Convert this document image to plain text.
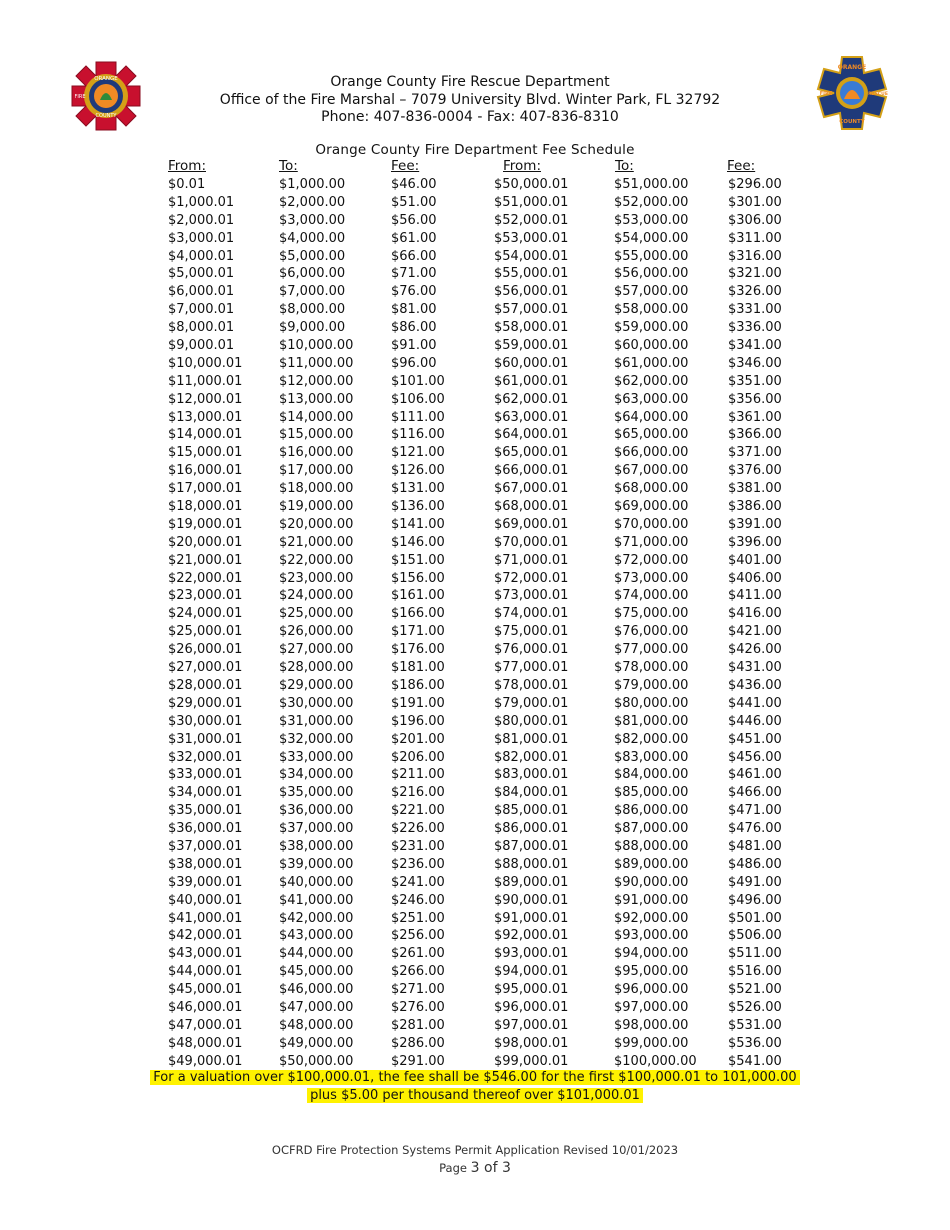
ORANGE
COUNTY
FIRE
ORANGE
COUNTY
FIRE	RESCUE
Orange County Fire Rescue Department
Office of the Fire Marshal – 7079 University Blvd. Winter Park, FL 32792
Phone: 407-836-0004 - Fax: 407-836-8310
Orange County Fire Department Fee Schedule
From:	To:	Fee:	From:	To:	Fee:
$0.01	$1,000.00	$46.00	$50,000.01	$51,000.00	$296.00
$1,000.01	$2,000.00	$51.00	$51,000.01	$52,000.00	$301.00
$2,000.01	$3,000.00	$56.00	$52,000.01	$53,000.00	$306.00
$3,000.01	$4,000.00	$61.00	$53,000.01	$54,000.00	$311.00
$4,000.01	$5,000.00	$66.00	$54,000.01	$55,000.00	$316.00
$5,000.01	$6,000.00	$71.00	$55,000.01	$56,000.00	$321.00
$6,000.01	$7,000.00	$76.00	$56,000.01	$57,000.00	$326.00
$7,000.01	$8,000.00	$81.00	$57,000.01	$58,000.00	$331.00
$8,000.01	$9,000.00	$86.00	$58,000.01	$59,000.00	$336.00
$9,000.01	$10,000.00	$91.00	$59,000.01	$60,000.00	$341.00
$10,000.01	$11,000.00	$96.00	$60,000.01	$61,000.00	$346.00
$11,000.01	$12,000.00	$101.00	$61,000.01	$62,000.00	$351.00
$12,000.01	$13,000.00	$106.00	$62,000.01	$63,000.00	$356.00
$13,000.01	$14,000.00	$111.00	$63,000.01	$64,000.00	$361.00
$14,000.01	$15,000.00	$116.00	$64,000.01	$65,000.00	$366.00
$15,000.01	$16,000.00	$121.00	$65,000.01	$66,000.00	$371.00
$16,000.01	$17,000.00	$126.00	$66,000.01	$67,000.00	$376.00
$17,000.01	$18,000.00	$131.00	$67,000.01	$68,000.00	$381.00
$18,000.01	$19,000.00	$136.00	$68,000.01	$69,000.00	$386.00
$19,000.01	$20,000.00	$141.00	$69,000.01	$70,000.00	$391.00
$20,000.01	$21,000.00	$146.00	$70,000.01	$71,000.00	$396.00
$21,000.01	$22,000.00	$151.00	$71,000.01	$72,000.00	$401.00
$22,000.01	$23,000.00	$156.00	$72,000.01	$73,000.00	$406.00
$23,000.01	$24,000.00	$161.00	$73,000.01	$74,000.00	$411.00
$24,000.01	$25,000.00	$166.00	$74,000.01	$75,000.00	$416.00
$25,000.01	$26,000.00	$171.00	$75,000.01	$76,000.00	$421.00
$26,000.01	$27,000.00	$176.00	$76,000.01	$77,000.00	$426.00
$27,000.01	$28,000.00	$181.00	$77,000.01	$78,000.00	$431.00
$28,000.01	$29,000.00	$186.00	$78,000.01	$79,000.00	$436.00
$29,000.01	$30,000.00	$191.00	$79,000.01	$80,000.00	$441.00
$30,000.01	$31,000.00	$196.00	$80,000.01	$81,000.00	$446.00
$31,000.01	$32,000.00	$201.00	$81,000.01	$82,000.00	$451.00
$32,000.01	$33,000.00	$206.00	$82,000.01	$83,000.00	$456.00
$33,000.01	$34,000.00	$211.00	$83,000.01	$84,000.00	$461.00
$34,000.01	$35,000.00	$216.00	$84,000.01	$85,000.00	$466.00
$35,000.01	$36,000.00	$221.00	$85,000.01	$86,000.00	$471.00
$36,000.01	$37,000.00	$226.00	$86,000.01	$87,000.00	$476.00
$37,000.01	$38,000.00	$231.00	$87,000.01	$88,000.00	$481.00
$38,000.01	$39,000.00	$236.00	$88,000.01	$89,000.00	$486.00
$39,000.01	$40,000.00	$241.00	$89,000.01	$90,000.00	$491.00
$40,000.01	$41,000.00	$246.00	$90,000.01	$91,000.00	$496.00
$41,000.01	$42,000.00	$251.00	$91,000.01	$92,000.00	$501.00
$42,000.01	$43,000.00	$256.00	$92,000.01	$93,000.00	$506.00
$43,000.01	$44,000.00	$261.00	$93,000.01	$94,000.00	$511.00
$44,000.01	$45,000.00	$266.00	$94,000.01	$95,000.00	$516.00
$45,000.01	$46,000.00	$271.00	$95,000.01	$96,000.00	$521.00
$46,000.01	$47,000.00	$276.00	$96,000.01	$97,000.00	$526.00
$47,000.01	$48,000.00	$281.00	$97,000.01	$98,000.00	$531.00
$48,000.01	$49,000.00	$286.00	$98,000.01	$99,000.00	$536.00
$49,000.01	$50,000.00	$291.00	$99,000.01	$100,000.00 $541.00
For a valuation over $100,000.01, the fee shall be $546.00 for the first $100,000.01 to 101,000.00
plus $5.00 per thousand thereof over $101,000.01
OCFRD Fire Protection Systems Permit Application Revised 10/01/2023
Page 3 of 3
